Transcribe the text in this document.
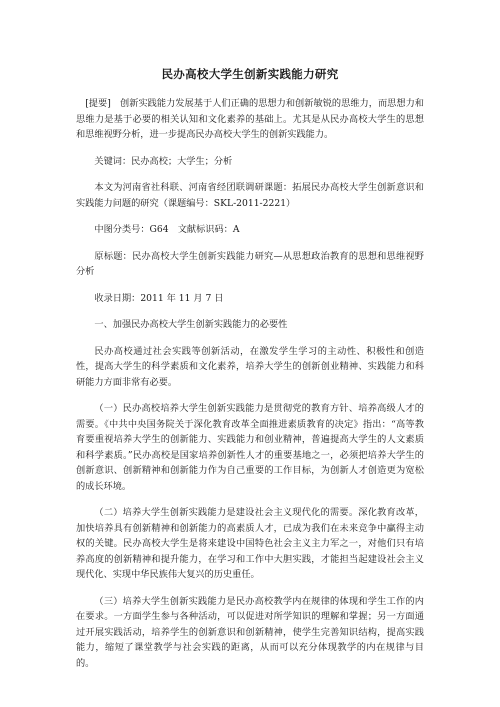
民办高校大学生创新实践能力研究

[提要]　创新实践能力发展基于人们正确的思想力和创新敏锐的思维力，而思想力和思维力是基于必要的相关认知和文化素养的基础上。尤其是从民办高校大学生的思想和思维视野分析，进一步提高民办高校大学生的创新实践能力。

关键词：民办高校；大学生；分析

本文为河南省社科联、河南省经团联调研课题：拓展民办高校大学生创新意识和实践能力问题的研究（课题编号：SKL-2011-2221）

中图分类号：G64　文献标识码：A

原标题：民办高校大学生创新实践能力研究—从思想政治教育的思想和思维视野分析

收录日期：2011 年 11 月 7 日

一、加强民办高校大学生创新实践能力的必要性

民办高校通过社会实践等创新活动，在激发学生学习的主动性、积极性和创造性，提高大学生的科学素质和文化素养，培养大学生的创新创业精神、实践能力和科研能力方面非常有必要。

（一）民办高校培养大学生创新实践能力是贯彻党的教育方针、培养高级人才的需要。《中共中央国务院关于深化教育改革全面推进素质教育的决定》指出：“高等教育要重视培养大学生的创新能力、实践能力和创业精神，普遍提高大学生的人文素质和科学素质。”民办高校是国家培养创新性人才的重要基地之一，必须把培养大学生的创新意识、创新精神和创新能力作为自己重要的工作目标，为创新人才创造更为宽松的成长环境。

（二）培养大学生创新实践能力是建设社会主义现代化的需要。深化教育改革，加快培养具有创新精神和创新能力的高素质人才，已成为我们在未来竞争中赢得主动权的关键。民办高校大学生是将来建设中国特色社会主义主力军之一，对他们只有培养高度的创新精神和提升能力，在学习和工作中大胆实践，才能担当起建设社会主义现代化、实现中华民族伟大复兴的历史重任。

（三）培养大学生创新实践能力是民办高校教学内在规律的体现和学生工作的内在要求。一方面学生参与各种活动，可以促进对所学知识的理解和掌握；另一方面通过开展实践活动，培养学生的创新意识和创新精神，使学生完善知识结构，提高实践能力，缩短了课堂教学与社会实践的距离，从而可以充分体现教学的内在规律与目的。
